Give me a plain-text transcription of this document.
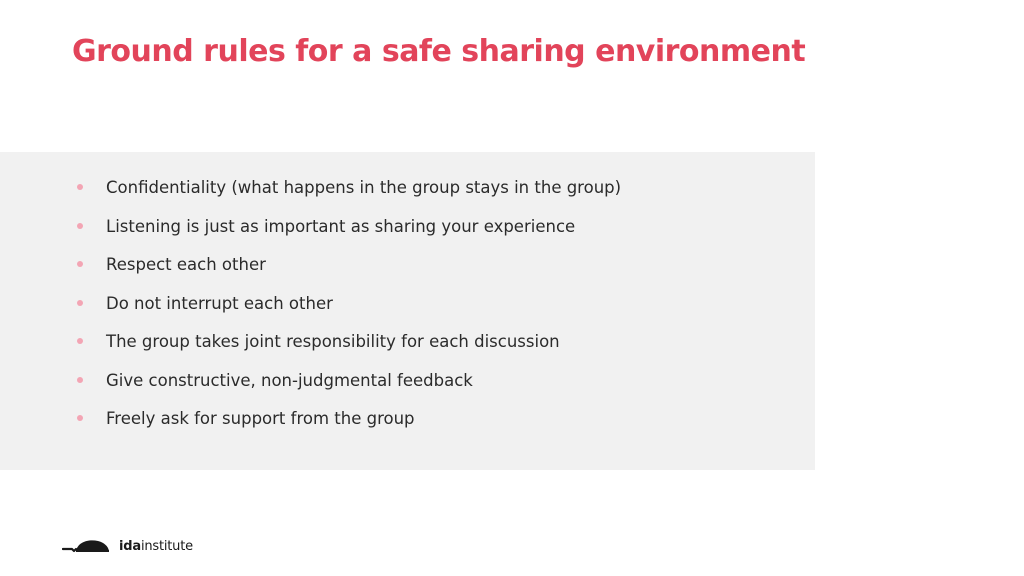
Ground rules for a safe sharing environment
Confidentiality (what happens in the group stays in the group)
Listening is just as important as sharing your experience
Respect each other
Do not interrupt each other
The group takes joint responsibility for each discussion
Give constructive, non-judgmental feedback
Freely ask for support from the group
idainstitute
